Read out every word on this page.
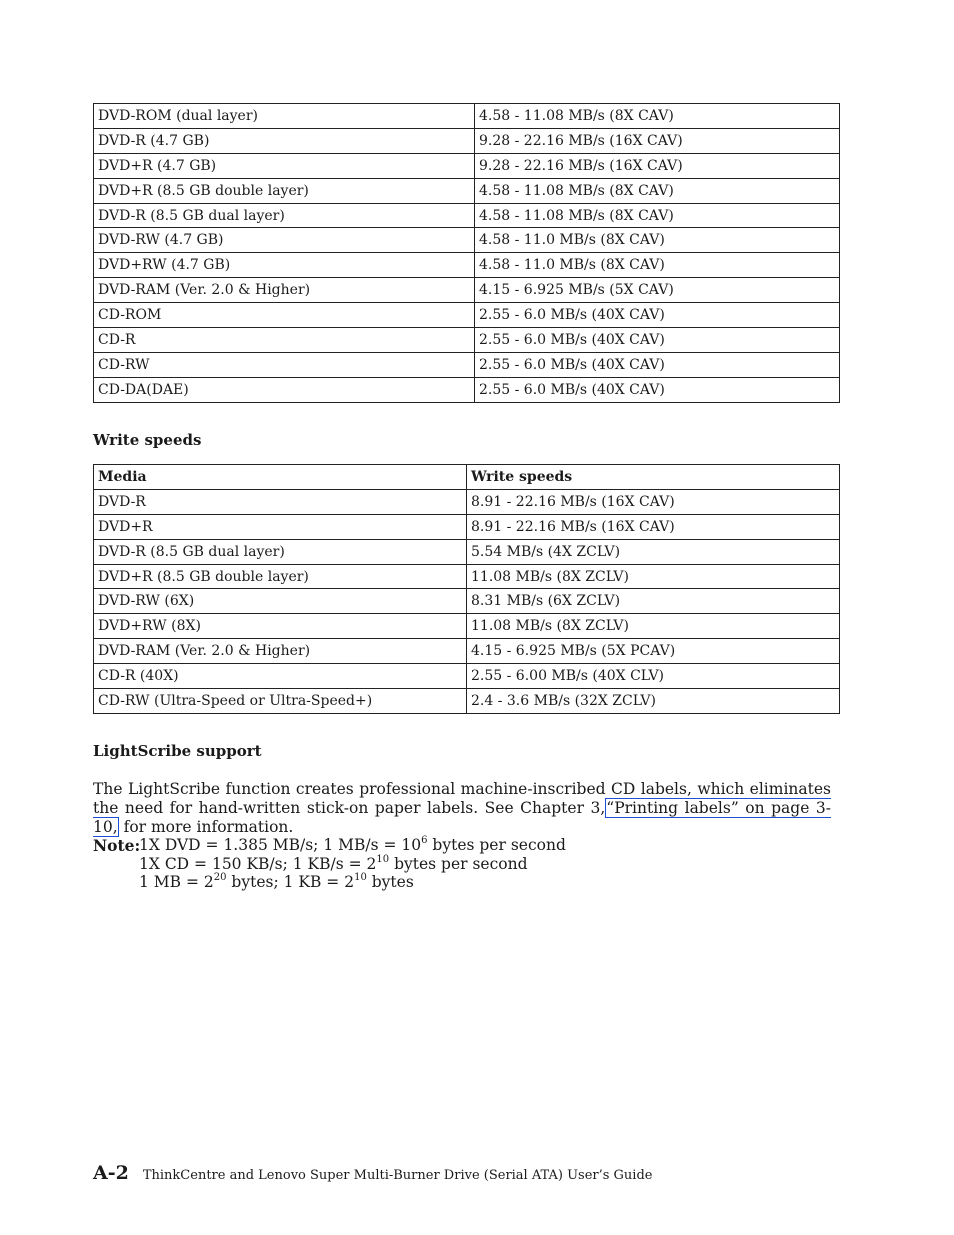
DVD-ROM (dual layer)	4.58 - 11.08 MB/s (8X CAV)
DVD-R (4.7 GB)	9.28 - 22.16 MB/s (16X CAV)
DVD+R (4.7 GB)	9.28 - 22.16 MB/s (16X CAV)
DVD+R (8.5 GB double layer)	4.58 - 11.08 MB/s (8X CAV)
DVD-R (8.5 GB dual layer)	4.58 - 11.08 MB/s (8X CAV)
DVD-RW (4.7 GB)	4.58 - 11.0 MB/s (8X CAV)
DVD+RW (4.7 GB)	4.58 - 11.0 MB/s (8X CAV)
DVD-RAM (Ver. 2.0 & Higher)	4.15 - 6.925 MB/s (5X CAV)
CD-ROM	2.55 - 6.0 MB/s (40X CAV)
CD-R	2.55 - 6.0 MB/s (40X CAV)
CD-RW	2.55 - 6.0 MB/s (40X CAV)
CD-DA(DAE)	2.55 - 6.0 MB/s (40X CAV)
Write speeds
Media	Write speeds
DVD-R	8.91 - 22.16 MB/s (16X CAV)
DVD+R	8.91 - 22.16 MB/s (16X CAV)
DVD-R (8.5 GB dual layer)	5.54 MB/s (4X ZCLV)
DVD+R (8.5 GB double layer)	11.08 MB/s (8X ZCLV)
DVD-RW (6X)	8.31 MB/s (6X ZCLV)
DVD+RW (8X)	11.08 MB/s (8X ZCLV)
DVD-RAM (Ver. 2.0 & Higher)	4.15 - 6.925 MB/s (5X PCAV)
CD-R (40X)	2.55 - 6.00 MB/s (40X CLV)
CD-RW (Ultra-Speed or Ultra-Speed+)	2.4 - 3.6 MB/s (32X ZCLV)
LightScribe support

The LightScribe function creates professional machine-inscribed CD labels, which eliminates the need for hand-written stick-on paper labels. See Chapter 3,“Printing labels” on page 3-10, for more information.

Note:
1X DVD = 1.385 MB/s; 1 $MB/s = 10^6$ bytes per second
1X CD = 150 KB/s; 1 $KB/s = 2^{10}$ bytes per second
1 MB = $2^{20}$ bytes; 1 KB = $2^{10}$ bytes
A-2 ThinkCentre and Lenovo Super Multi-Burner Drive (Serial ATA) User’s Guide
